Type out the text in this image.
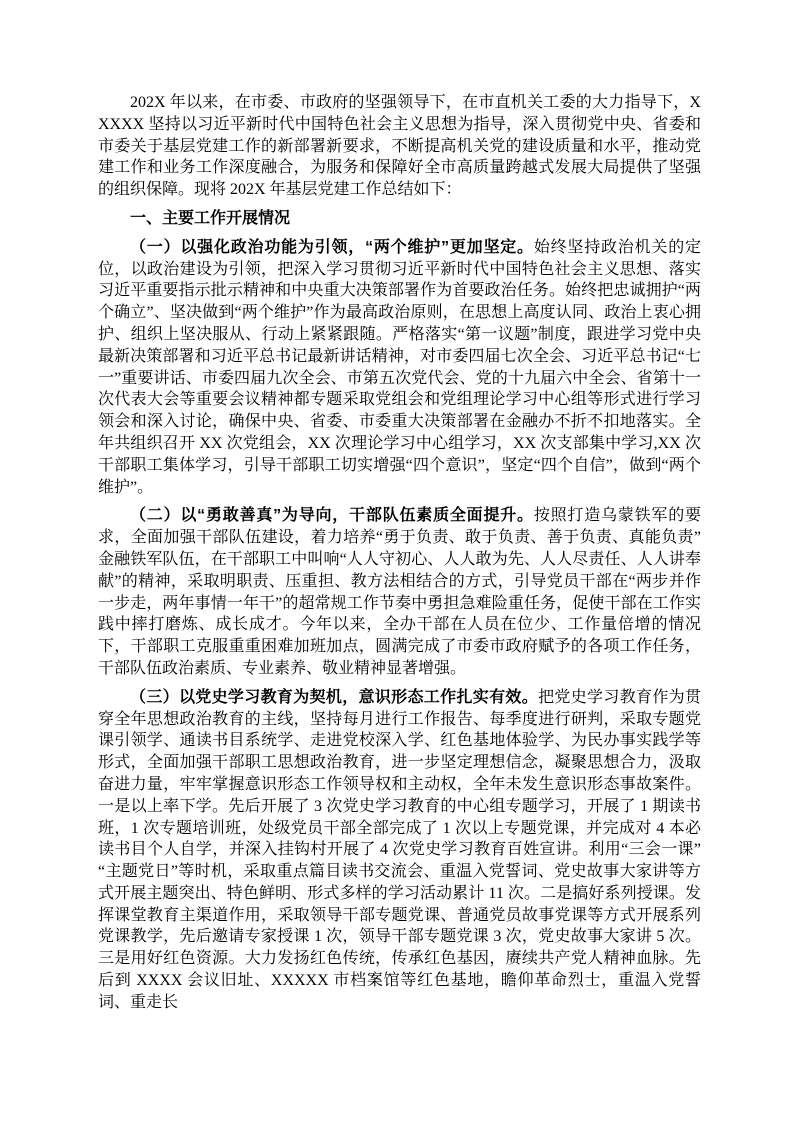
202X 年以来，在市委、市政府的坚强领导下，在市直机关工委的大力指导下，XXXXX 坚持以习近平新时代中国特色社会主义思想为指导，深入贯彻党中央、省委和市委关于基层党建工作的新部署新要求，不断提高机关党的建设质量和水平，推动党建工作和业务工作深度融合，为服务和保障好全市高质量跨越式发展大局提供了坚强的组织保障。现将 202X 年基层党建工作总结如下：

一、主要工作开展情况

（一）以强化政治功能为引领，“两个维护”更加坚定。始终坚持政治机关的定位，以政治建设为引领，把深入学习贯彻习近平新时代中国特色社会主义思想、落实习近平重要指示批示精神和中央重大决策部署作为首要政治任务。始终把忠诚拥护“两个确立”、坚决做到“两个维护”作为最高政治原则，在思想上高度认同、政治上衷心拥护、组织上坚决服从、行动上紧紧跟随。严格落实“第一议题”制度，跟进学习党中央最新决策部署和习近平总书记最新讲话精神，对市委四届七次全会、习近平总书记“七一”重要讲话、市委四届九次全会、市第五次党代会、党的十九届六中全会、省第十一次代表大会等重要会议精神都专题采取党组会和党组理论学习中心组等形式进行学习领会和深入讨论，确保中央、省委、市委重大决策部署在金融办不折不扣地落实。全年共组织召开 XX 次党组会，XX 次理论学习中心组学习，XX 次支部集中学习,XX 次干部职工集体学习，引导干部职工切实增强“四个意识”，坚定“四个自信”，做到“两个维护”。

（二）以“勇敢善真”为导向，干部队伍素质全面提升。按照打造乌蒙铁军的要求，全面加强干部队伍建设，着力培养“勇于负责、敢于负责、善于负责、真能负责”金融铁军队伍，在干部职工中叫响“人人守初心、人人敢为先、人人尽责任、人人讲奉献”的精神，采取明职责、压重担、教方法相结合的方式，引导党员干部在“两步并作一步走，两年事情一年干”的超常规工作节奏中勇担急难险重任务，促使干部在工作实践中摔打磨炼、成长成才。今年以来，全办干部在人员在位少、工作量倍增的情况下，干部职工克服重重困难加班加点，圆满完成了市委市政府赋予的各项工作任务，干部队伍政治素质、专业素养、敬业精神显著增强。

（三）以党史学习教育为契机，意识形态工作扎实有效。把党史学习教育作为贯穿全年思想政治教育的主线，坚持每月进行工作报告、每季度进行研判，采取专题党课引领学、通读书目系统学、走进党校深入学、红色基地体验学、为民办事实践学等形式，全面加强干部职工思想政治教育，进一步坚定理想信念，凝聚思想合力，汲取奋进力量，牢牢掌握意识形态工作领导权和主动权，全年未发生意识形态事故案件。一是以上率下学。先后开展了 3 次党史学习教育的中心组专题学习，开展了 1 期读书班，1 次专题培训班，处级党员干部全部完成了 1 次以上专题党课，并完成对 4 本必读书目个人自学，并深入挂钩村开展了 4 次党史学习教育百姓宣讲。利用“三会一课”“主题党日”等时机，采取重点篇目读书交流会、重温入党誓词、党史故事大家讲等方式开展主题突出、特色鲜明、形式多样的学习活动累计 11 次。二是搞好系列授课。发挥课堂教育主渠道作用，采取领导干部专题党课、普通党员故事党课等方式开展系列党课教学，先后邀请专家授课 1 次，领导干部专题党课 3 次，党史故事大家讲 5 次。三是用好红色资源。大力发扬红色传统，传承红色基因，赓续共产党人精神血脉。先后到 XXXX 会议旧址、XXXXX 市档案馆等红色基地，瞻仰革命烈士，重温入党誓词、重走长
